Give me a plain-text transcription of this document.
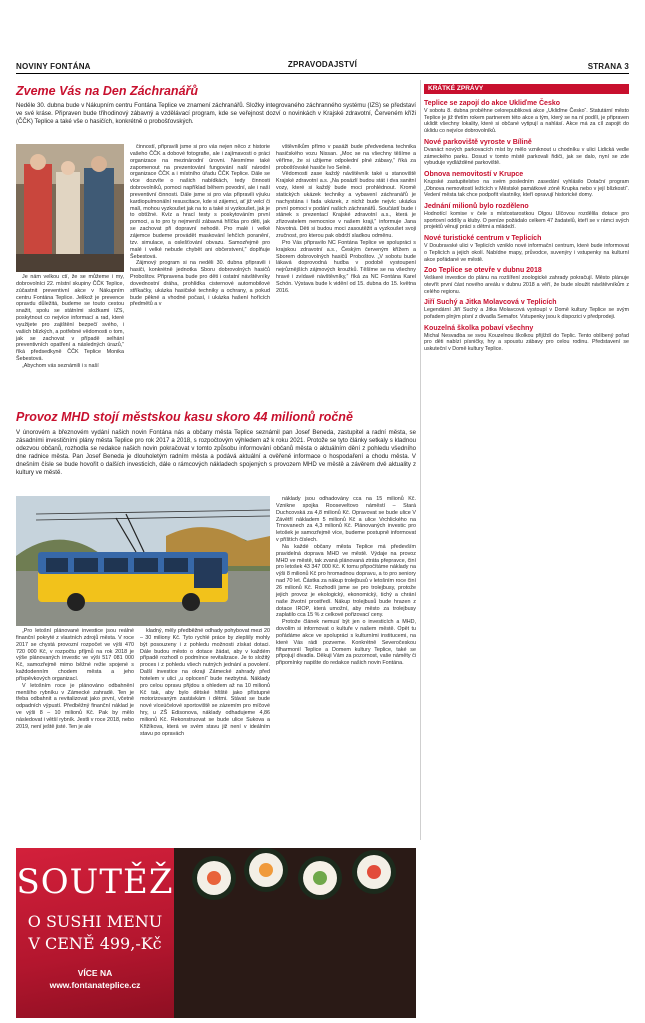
NOVINY FONTÁNA	ZPRAVODAJSTVÍ	STRANA 3
Zveme Vás na Den Záchranářů
Neděle 30. dubna bude v Nákupním centru Fontána Teplice ve znamení záchranářů. Složky integrovaného záchranného systému (IZS) se představí ve své kráse. Připraven bude třihodinový zábavný a vzdělávací program, kde se veřejnost dozví o novinkách v Krajské zdravotní, Červeném kříži (ČČK) Teplice a také vše o hasičích, konkrétně o probošťovských.

Je nám velkou ctí, že se můžeme i my, dobrovolníci 22. místní skupiny ČČK Teplice, zúčastnit preventivní akce v Nákupním centru Fontána Teplice. Jelikož je prevence opravdu důležitá, budeme se touto cestou snažit, spolu se státními složkami IZS, poskytnout co nejvíce informací a rad, které využijete pro zajištění bezpečí svého, i vašich blízkých, a potřebné vědomosti o tom, jak se zachovat v případě selhání preventivních opatření a následných úrazů,” říká předsedkyně ČČK Teplice Monika Šebestová.

„Abychom vás seznámili i s naší

činností, připravili jsme si pro vás nejen něco z historie vašeho ČČK a dobové fotografie, ale i zajímavosti o práci organizace na mezinárodní úrovni. Nesmíme také zapomenout na prezentování fungování naší národní organizace ČČK a i místního úřadu ČČK Teplice. Dále se více dozvíte o našich nabídkách, tedy činnosti dobrovolníků, pomoci například během povodní, ale i naší preventivní činnosti. Dále jsme si pro vás připravili výuku kardiopulmonální resuscitace, kde si zájemci, ať již velcí či malí, mohou vyzkoušet jak na to a také si vyzkoušet, jak je to obtížné. Kvíz a hrací testy s poskytováním první pomoci, a to pro ty nejmenší zábavná hříčka pro děti, jak se zachovat při dopravní nehodě. Pro malé i velké zájemce budeme provádět maskování lehčích poranění, tzv. simulace, a oslešťování obvazu. Samozřejmě pro malé i velké nebude chybět ani občerstvení,” doplňuje Šebestová.

Zájmový program si na neděli 30. dubna připravili i hasiči, konkrétně jednotka Sboru dobrovolných hasičů Proboštov. Připravena bude pro děti i ostatní návštěvníky dovednostní dráha, prohlídka cisternové automobilové stříkačky, ukázka hasičské techniky a ochrany, a pokud bude pěkné a vhodné počasí, i ukázka hašení hořících předmětů a v

vštěvníkům přímo v pasáži bude předvedena technika hasičského vozu Nissan. „Moc se na všechny těšíme a věříme, že si užijeme odpolední plné zábavy,” říká za probošťovské hasiče Ivo Selně.

Vědomosti zase každý návštěvník také u stanoviště Krajské zdravotní a.s. „Na posázlí budou stát i dva sanitní vozy, které si každý bude moci prohlédnout. Kromě statických ukázek techniky a vybavení záchranářů je nachystána i řada ukázek, z nichž bude nejvíc ukázka první pomoci v podání našich záchranářů. Součástí bude i stánek s prezentací Krajské zdravotní a.s., která je zřizovatelem nemocnice v našem kraji,” informuje Jana Novotná. Děti si budou moci zasoutěžit a vyzkoušet svoji zručnost, pro kterou pak obdrží sladkou odměnu.

Pro Vás připravilo NC Fontána Teplice ve spolupráci s krajskou zdravotní a.s., Českým červeným křížem a Sborem dobrovolných hasičů Proboštov. „V sobotu bude lákavá doprovodná hudba v podobě vystoupení nejrůznějších zájmových kroužků. Těšíme se na všechny hravé i zvídavé návštěvníky,” říká za NC Fontána Karel Schön. Výstava bude k vidění od 15. dubna do 15. května 2016.

Provoz MHD stojí městskou kasu skoro 44 milionů ročně
V únorovém a březnovém vydání našich novin Fontána nás a občany města Teplice seznámil pan Josef Beneda, zastupitel a radní města, se zásadními investičními plány města Teplice pro rok 2017 a 2018, s rozpočtovým výhledem až k roku 2021. Protože se tyto články setkaly s kladnou odezvou občanů, rozhodla se redakce našich novin pokračovat v tomto způsobu informování občanů města o aktuálním dění z pohledu všedního dne radnice města. Pan Josef Beneda je dlouholetým radním města a podává aktuální a ověřené informace o hospodaření a chodu města. V dnešním čísle se bude hovořit o dalších investicích, dále o rámcových nákladech spojených s provozem MHD ve městě a závěrem dvě aktuality z kultury ve městě.

„Pro letošní plánované investice jsou reálné finanční pokryté z vlastních zdrojů města. V roce 2017 se chystá provozní rozpočet ve výši 470 720 000 Kč, v rozpočtu příjmů na rok 2018 je výše plánovaných investic ve výši 517 081 000 Kč, samozřejmě mimo běžné režie spojené s každodenním chodem města a jeho příspěvkových organizací.

V letošním roce je plánováno odbahnění menšího rybníku v Zámecké zahradě. Ten je třeba odbahnit a revitalizovat jako první, včetně odpadních výpustí. Předběžný finanční náklad je ve výši 8 – 10 milionů Kč. Pak by mělo následovat i větší rybník. Jestli v roce 2018, nebo 2019, není ještě jisté. Ten je ale

kladný, měly předběžné odhady pohybovat mezi 20 – 30 miliony Kč. Tyto rychlé práce by zlepšily mohly být posouzeny i z pohledu možnosti získat dotaci. Dále budou město o dotace žádat, aby v každém případě rozhodl o podmínce revitalizace. Je to složitý proces i z pohledu všech nutných jednání a povolení. Další investice na okraji Zámecké zahrady před hotelem v ulici „u oplocení“ bude nezbytná. Náklady pro celou opravu přijdou s ohledem až na 10 milionů Kč tak, aby bylo dětské hřiště jako přístupné motorizovaným zastávkám i dětmi. Stávat se bude nové víceúčelové sportoviště se zázemím pro míčové hry, u ZŠ Edisonova, náklady odhadujeme 4,86 milionů Kč. Rekonstruovat se bude ulice Sukova a Křižíkova, která ve svém stavu již není v ideálním stavu po opravách

náklady jsou odhadovány cca na 15 milionů Kč. Vznikne spojka Rooseveltovo náměstí – Stará Duchcovská za 4,8 milionů Kč. Opravovat se bude ulice V Závětří nákladem 5 milionů Kč a ulice Vrchlického na Trnovanech za 4,3 milionů Kč. Plánovaných investic pro letošek je samozřejmě více, budeme postupně informovat v příštích číslech.

Na každé občany města Teplice má především pravidelná doprava MHD ve městě. Výdaje na provoz MHD ve městě, tak zvaná plánovaná ztráta přepravce, činí pro letošek 43 347 000 Kč. K tomu připočítáme náklady na výši 8 milionů Kč pro hromadnou dopravu, a to pro seniory nad 70 let. Částka za nákup trolejbusů v letošním roce činí 26 milionů Kč. Rozhodli jsme se pro trolejbusy, protože jejich provoz je ekologický, ekonomický, tichý a chrání naše životní prostředí. Nákup trolejbusů bude hrazen z dotace IROP, která umožní, aby město za trolejbusy zaplatilo cca 15 % z celkové pořizovací ceny.

Protože článek nemusí být jen o investicích a MHD, dovolím si informovat o kultuře v našem městě. Opět tu pořádáme akce ve spolupráci s kulturními institucemi, na které Vás rádi pozveme. Konkrétně Severočeskou filharmonií Teplice a Domem kultury Teplice, také se připojují divadla. Děkuji Vám za pozornost, vaše náměty či připomínky napište do redakce našich novin Fontána.

SOUTĚŽ
O SUSHI MENU
V CENĚ 499,-Kč
VÍCE NA
www.fontanateplice.cz
KRÁTKÉ ZPRÁVY
Teplice se zapojí do akce Ukliďme Česko
V sobotu 8. dubna proběhne celorepubliková akce „Ukliďme Česko“. Statutární město Teplice je již třetím rokem partnerem této akce a tým, který se na ní podílí, je připraven uklidit všechny lokality, které si občané vytipují a nahlásí. Akce má za cíl zapojit do úklidu co nejvíce dobrovolníků.
Nové parkoviště vyroste v Bílině
Dvanáct nových parkovacích míst by mělo vzniknout u chodníku v ulici Lidická vedle zámeckého parku. Dosud v tomto místě parkovali řidiči, jak se dalo, nyní se zde vybuduje vydlážděné parkoviště.
Obnova nemovitostí v Krupce
Krupské zastupitelstvo na svém posledním zasedání vyhlásilo Dotační program „Obnova nemovitostí ležících v Městské památkové zóně Krupka nebo v její blízkosti“. Vedení města tak chce podpořit vlastníky, kteří opravují historické domy.
Jednání milionů bylo rozděleno
Hodnotící komise v čele s místostarostkou Olgou Ulčovou rozdělila dotace pro sportovní oddíly a kluby. O peníze požádalo celkem 47 žadatelů, kteří se v rámci svých projektů věnují práci s dětmi a mládeží.
Nové turistické centrum v Teplicích
V Doubravské ulici v Teplicích vzniklo nové informační centrum, které bude informovat o Teplicích a jejich okolí. Nabídne mapy, průvodce, suvenýry i vstupenky na kulturní akce pořádané ve městě.
Zoo Teplice se otevře v dubnu 2018
Veškeré investice do plánu na rozšíření zoologické zahrady pokračují. Město plánuje otevřít první část nového areálu v dubnu 2018 a věří, že bude sloužit návštěvníkům z celého regionu.
Jiří Suchý a Jitka Molavcová v Teplicích
Legendární Jiří Suchý a Jitka Molavcová vystoupí v Domě kultury Teplice se svým pořadem plným písní z divadla Semafor. Vstupenky jsou k dispozici v předprodeji.
Kouzelná školka pobaví všechny
Michal Nesvadba se svou Kouzelnou školkou přijíždí do Teplic. Tento oblíbený pořad pro děti nabízí písničky, hry a spoustu zábavy pro celou rodinu. Představení se uskuteční v Domě kultury Teplice.
